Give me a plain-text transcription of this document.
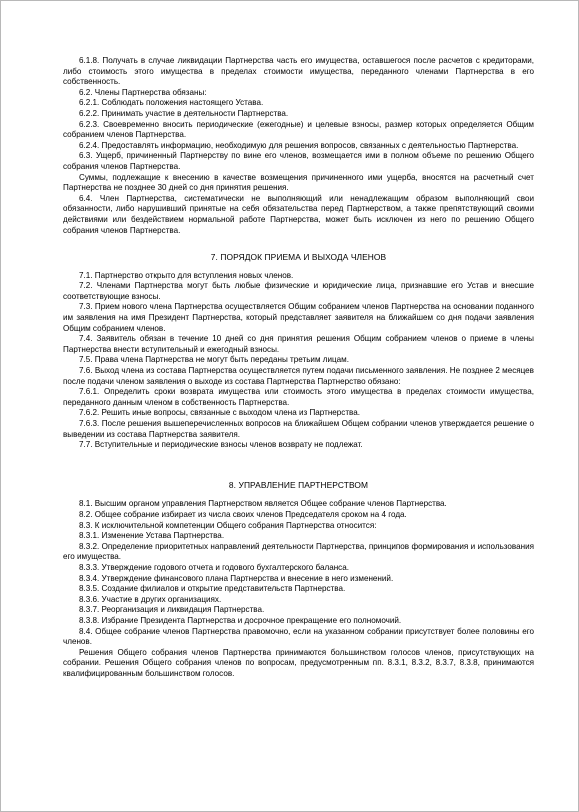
6.1.8. Получать в случае ликвидации Партнерства часть его имущества, оставшегося после расчетов с кредиторами, либо стоимость этого имущества в пределах стоимости имущества, переданного членами Партнерства в его собственность.

6.2. Члены Партнерства обязаны:

6.2.1. Соблюдать положения настоящего Устава.

6.2.2. Принимать участие в деятельности Партнерства.

6.2.3. Своевременно вносить периодические (ежегодные) и целевые взносы, размер которых определяется Общим собранием членов Партнерства.

6.2.4. Предоставлять информацию, необходимую для решения вопросов, связанных с деятельностью Партнерства.

6.3. Ущерб, причиненный Партнерству по вине его членов, возмещается ими в полном объеме по решению Общего собрания членов Партнерства.

Суммы, подлежащие к внесению в качестве возмещения причиненного ими ущерба, вносятся на расчетный счет Партнерства не позднее 30 дней со дня принятия решения.

6.4. Член Партнерства, систематически не выполняющий или ненадлежащим образом выполняющий свои обязанности, либо нарушивший принятые на себя обязательства перед Партнерством, а также препятствующий своими действиями или бездействием нормальной работе Партнерства, может быть исключен из него по решению Общего собрания членов Партнерства.

7. ПОРЯДОК ПРИЕМА И ВЫХОДА ЧЛЕНОВ

7.1. Партнерство открыто для вступления новых членов.

7.2. Членами Партнерства могут быть любые физические и юридические лица, признавшие его Устав и внесшие соответствующие взносы.

7.3. Прием нового члена Партнерства осуществляется Общим собранием членов Партнерства на основании поданного им заявления на имя Президент Партнерства, который представляет заявителя на ближайшем со дня подачи заявления Общим собранием членов.

7.4. Заявитель обязан в течение 10 дней со дня принятия решения Общим собранием членов о приеме в члены Партнерства внести вступительный и ежегодный взносы.

7.5. Права члена Партнерства не могут быть переданы третьим лицам.

7.6. Выход члена из состава Партнерства осуществляется путем подачи письменного заявления. Не позднее 2 месяцев после подачи членом заявления о выходе из состава Партнерства Партнерство обязано:

7.6.1. Определить сроки возврата имущества или стоимость этого имущества в пределах стоимости имущества, переданного данным членом в собственность Партнерства.

7.6.2. Решить иные вопросы, связанные с выходом члена из Партнерства.

7.6.3. После решения вышеперечисленных вопросов на ближайшем Общем собрании членов утверждается решение о выведении из состава Партнерства заявителя.

7.7. Вступительные и периодические взносы членов возврату не подлежат.

8. УПРАВЛЕНИЕ ПАРТНЕРСТВОМ

8.1. Высшим органом управления Партнерством является Общее собрание членов Партнерства.

8.2. Общее собрание избирает из числа своих членов Председателя сроком на 4 года.

8.3. К исключительной компетенции Общего собрания Партнерства относится:

8.3.1. Изменение Устава Партнерства.

8.3.2. Определение приоритетных направлений деятельности Партнерства, принципов формирования и использования его имущества.

8.3.3. Утверждение годового отчета и годового бухгалтерского баланса.

8.3.4. Утверждение финансового плана Партнерства и внесение в него изменений.

8.3.5. Создание филиалов и открытие представительств Партнерства.

8.3.6. Участие в других организациях.

8.3.7. Реорганизация и ликвидация Партнерства.

8.3.8. Избрание Президента Партнерства и досрочное прекращение его полномочий.

8.4. Общее собрание членов Партнерства правомочно, если на указанном собрании присутствует более половины его членов.

Решения Общего собрания членов Партнерства принимаются большинством голосов членов, присутствующих на собрании. Решения Общего собрания членов по вопросам, предусмотренным пп. 8.3.1, 8.3.2, 8.3.7, 8.3.8, принимаются квалифицированным большинством голосов.
